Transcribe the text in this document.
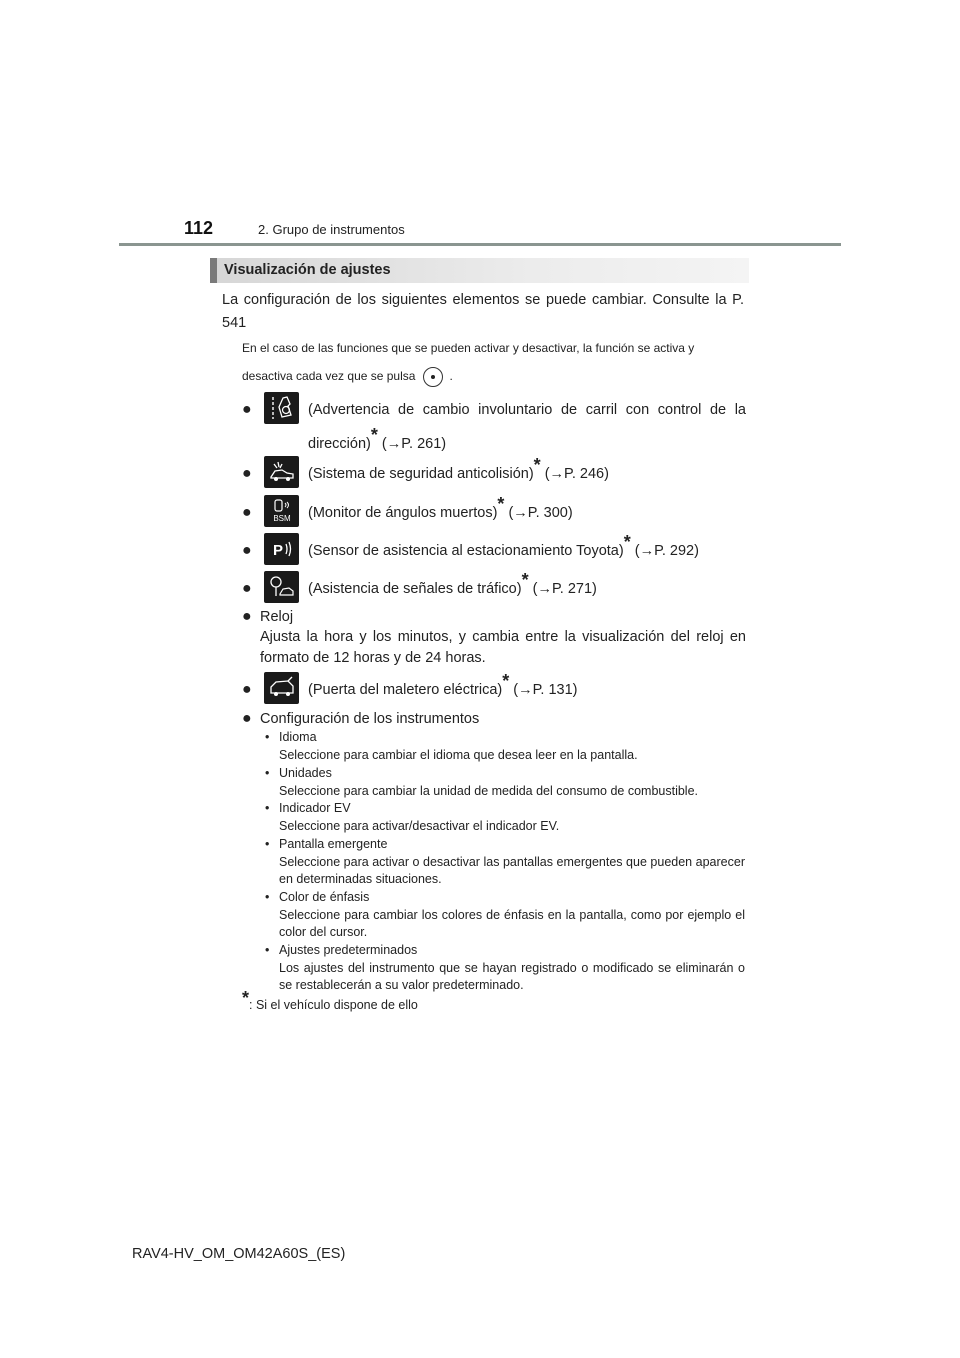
112	2. Grupo de instrumentos
Visualización de ajustes
La configuración de los siguientes elementos se puede cambiar. Consulte la P. 541
En el caso de las funciones que se pueden activar y desactivar, la función se activa y desactiva cada vez que se pulsa	.
●	(Advertencia de cambio involuntario de carril con control de la dirección)* (→P. 261)
●	(Sistema de seguridad anticolisión)* (→P. 246)
●	BSM (Monitor de ángulos muertos)* (→P. 300)
● P (Sensor de asistencia al estacionamiento Toyota)* (→P. 292)
●	(Asistencia de señales de tráfico)* (→P. 271)
● Reloj
Ajusta la hora y los minutos, y cambia entre la visualización del reloj en formato de 12 horas y de 24 horas.
●	(Puerta del maletero eléctrica)* (→P. 131)
● Configuración de los instrumentos
• Idioma
Seleccione para cambiar el idioma que desea leer en la pantalla.
• Unidades
Seleccione para cambiar la unidad de medida del consumo de combustible.
• Indicador EV
Seleccione para activar/desactivar el indicador EV.
• Pantalla emergente
Seleccione para activar o desactivar las pantallas emergentes que pueden aparecer en determinadas situaciones.
• Color de énfasis
Seleccione para cambiar los colores de énfasis en la pantalla, como por ejemplo el color del cursor.
• Ajustes predeterminados
Los ajustes del instrumento que se hayan registrado o modificado se eliminarán o se restablecerán a su valor predeterminado.
*: Si el vehículo dispone de ello
RAV4-HV_OM_OM42A60S_(ES)
